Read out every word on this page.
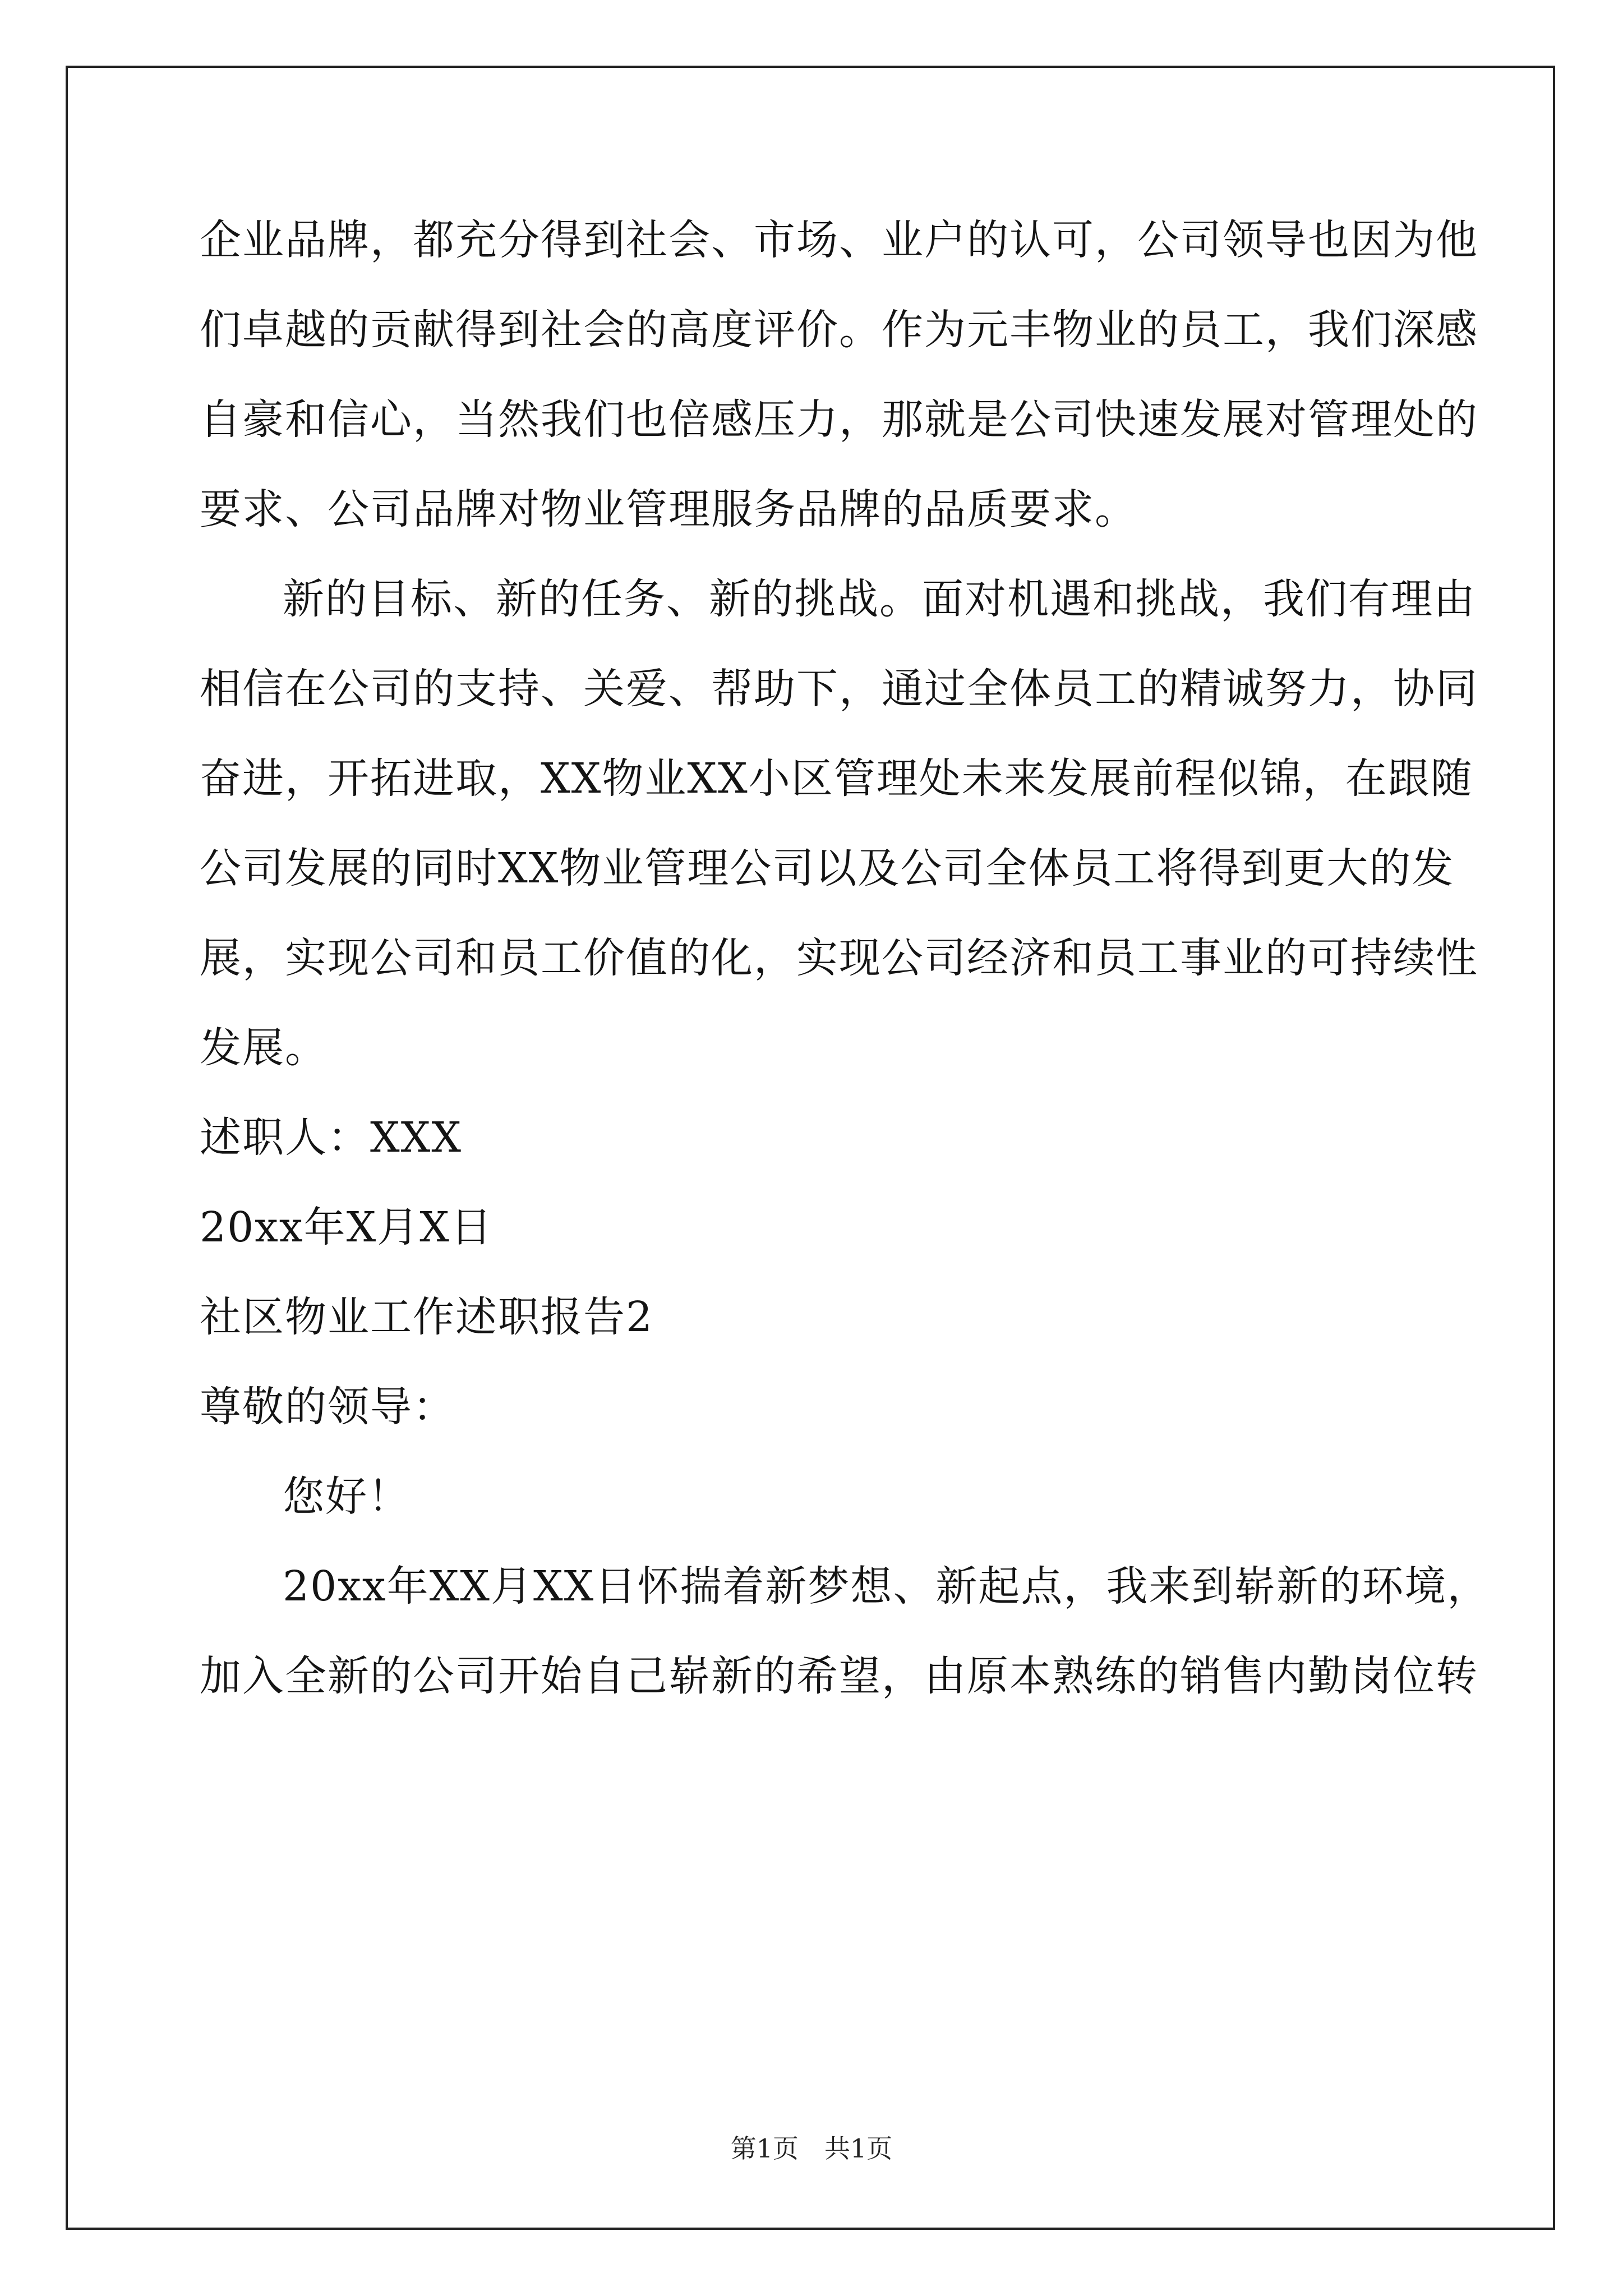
企业品牌，都充分得到社会、市场、业户的认可，公司领导也因为他
们卓越的贡献得到社会的高度评价。作为元丰物业的员工，我们深感
自豪和信心，当然我们也倍感压力，那就是公司快速发展对管理处的
要求、公司品牌对物业管理服务品牌的品质要求。
新的目标、新的任务、新的挑战。面对机遇和挑战，我们有理由
相信在公司的支持、关爱、帮助下，通过全体员工的精诚努力，协同
奋进，开拓进取，XX物业XX小区管理处未来发展前程似锦，在跟随
公司发展的同时XX物业管理公司以及公司全体员工将得到更大的发
展，实现公司和员工价值的化，实现公司经济和员工事业的可持续性
发展。
述职人：XXX
20xx年X月X日
社区物业工作述职报告2
尊敬的领导：
您好！
20xx年XX月XX日怀揣着新梦想、新起点，我来到崭新的环境，
加入全新的公司开始自己崭新的希望，由原本熟练的销售内勤岗位转
第1页　共1页
